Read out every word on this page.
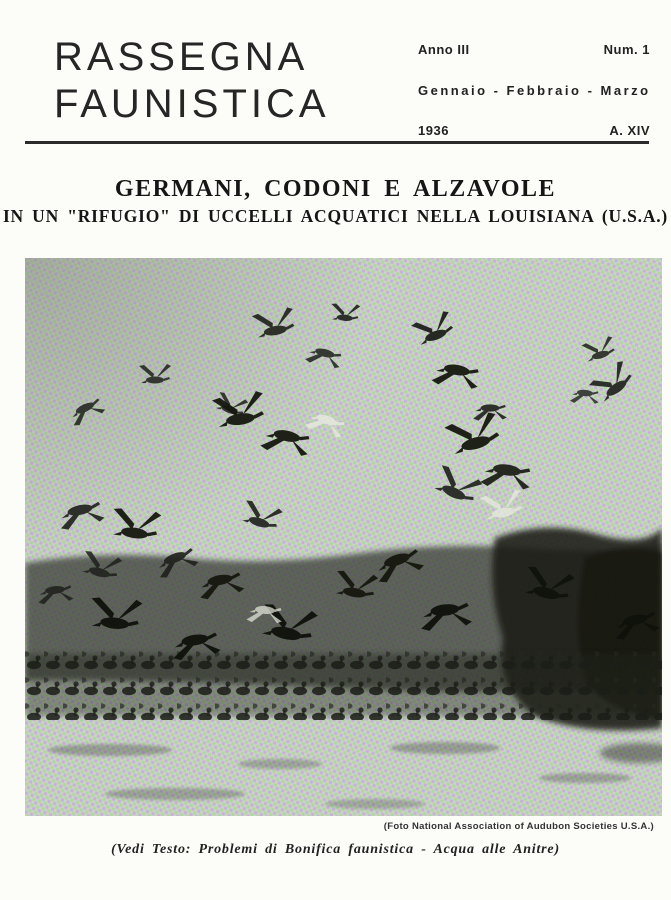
RASSEGNA
FAUNISTICA
Anno III	Num. 1
Gennaio - Febbraio - Marzo
1936	A. XIV
GERMANI, CODONI E ALZAVOLE
IN UN "RIFUGIO" DI UCCELLI ACQUATICI NELLA LOUISIANA (U.S.A.)
(Foto National Association of Audubon Societies U.S.A.)
(Vedi Testo: Problemi di Bonifica faunistica - Acqua alle Anitre)
